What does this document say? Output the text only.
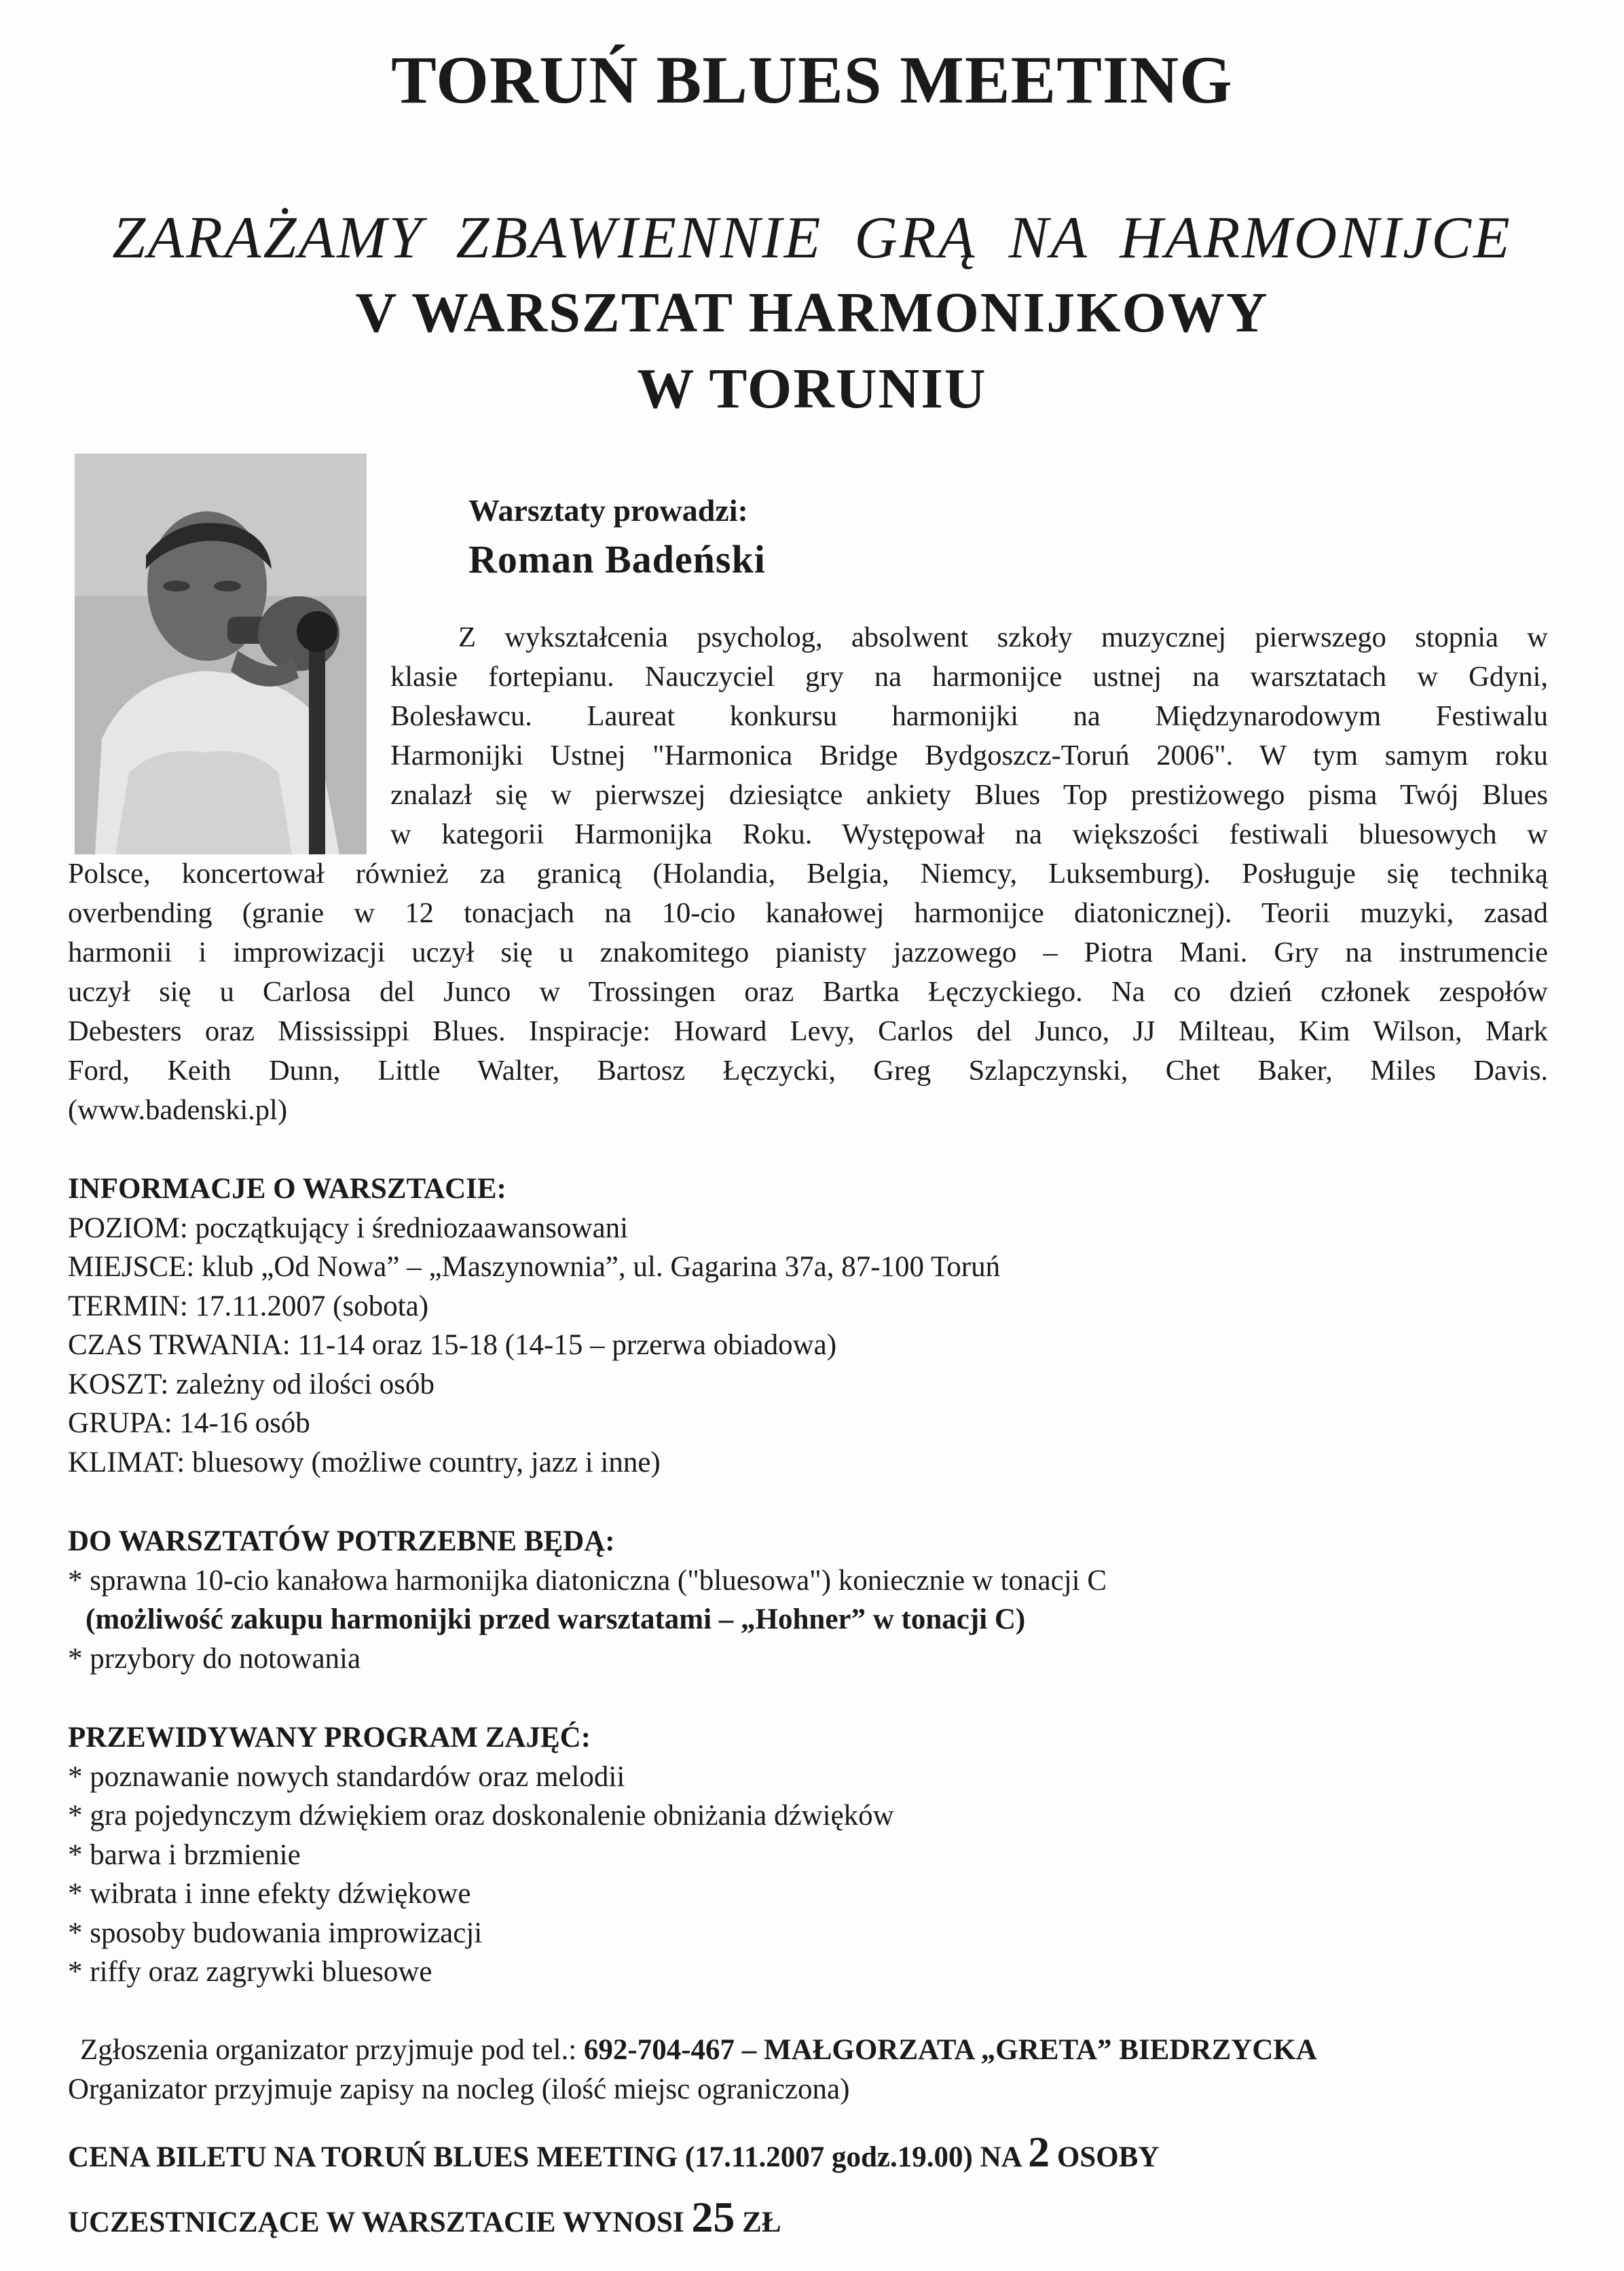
TORUŃ BLUES MEETING

ZARAŻAMY ZBAWIENNIE GRĄ NA HARMONIJCE

V WARSZTAT HARMONIJKOWY

W TORUNIU

Warsztaty prowadzi:

Roman Badeński

Z wykształcenia psycholog, absolwent szkoły muzycznej pierwszego stopnia w
klasie fortepianu. Nauczyciel gry na harmonijce ustnej na warsztatach w Gdyni,
Bolesławcu. Laureat konkursu harmonijki na Międzynarodowym Festiwalu
Harmonijki Ustnej "Harmonica Bridge Bydgoszcz-Toruń 2006". W tym samym roku
znalazł się w pierwszej dziesiątce ankiety Blues Top prestiżowego pisma Twój Blues
w kategorii Harmonijka Roku. Występował na większości festiwali bluesowych w
Polsce, koncertował również za granicą (Holandia, Belgia, Niemcy, Luksemburg). Posługuje się techniką
overbending (granie w 12 tonacjach na 10-cio kanałowej harmonijce diatonicznej). Teorii muzyki, zasad
harmonii i improwizacji uczył się u znakomitego pianisty jazzowego – Piotra Mani. Gry na instrumencie
uczył się u Carlosa del Junco w Trossingen oraz Bartka Łęczyckiego. Na co dzień członek zespołów
Debesters oraz Mississippi Blues. Inspiracje: Howard Levy, Carlos del Junco, JJ Milteau, Kim Wilson, Mark
Ford, Keith Dunn, Little Walter, Bartosz Łęczycki, Greg Szlapczynski, Chet Baker, Miles Davis.
(www.badenski.pl)

INFORMACJE O WARSZTACIE:

POZIOM: początkujący i średniozaawansowani

MIEJSCE: klub „Od Nowa” – „Maszynownia”, ul. Gagarina 37a, 87-100 Toruń

TERMIN: 17.11.2007 (sobota)

CZAS TRWANIA: 11-14 oraz 15-18 (14-15 – przerwa obiadowa)

KOSZT: zależny od ilości osób

GRUPA: 14-16 osób

KLIMAT: bluesowy (możliwe country, jazz i inne)

DO WARSZTATÓW POTRZEBNE BĘDĄ:

* sprawna 10-cio kanałowa harmonijka diatoniczna ("bluesowa") koniecznie w tonacji C

(możliwość zakupu harmonijki przed warsztatami – „Hohner” w tonacji C)

* przybory do notowania

PRZEWIDYWANY PROGRAM ZAJĘĆ:

* poznawanie nowych standardów oraz melodii

* gra pojedynczym dźwiękiem oraz doskonalenie obniżania dźwięków

* barwa i brzmienie

* wibrata i inne efekty dźwiękowe

* sposoby budowania improwizacji

* riffy oraz zagrywki bluesowe

Zgłoszenia organizator przyjmuje pod tel.: 692-704-467 – MAŁGORZATA „GRETA” BIEDRZYCKA

Organizator przyjmuje zapisy na nocleg (ilość miejsc ograniczona)

CENA BILETU NA TORUŃ BLUES MEETING (17.11.2007 godz.19.00) NA 2 OSOBY

UCZESTNICZĄCE W WARSZTACIE WYNOSI 25 ZŁ
